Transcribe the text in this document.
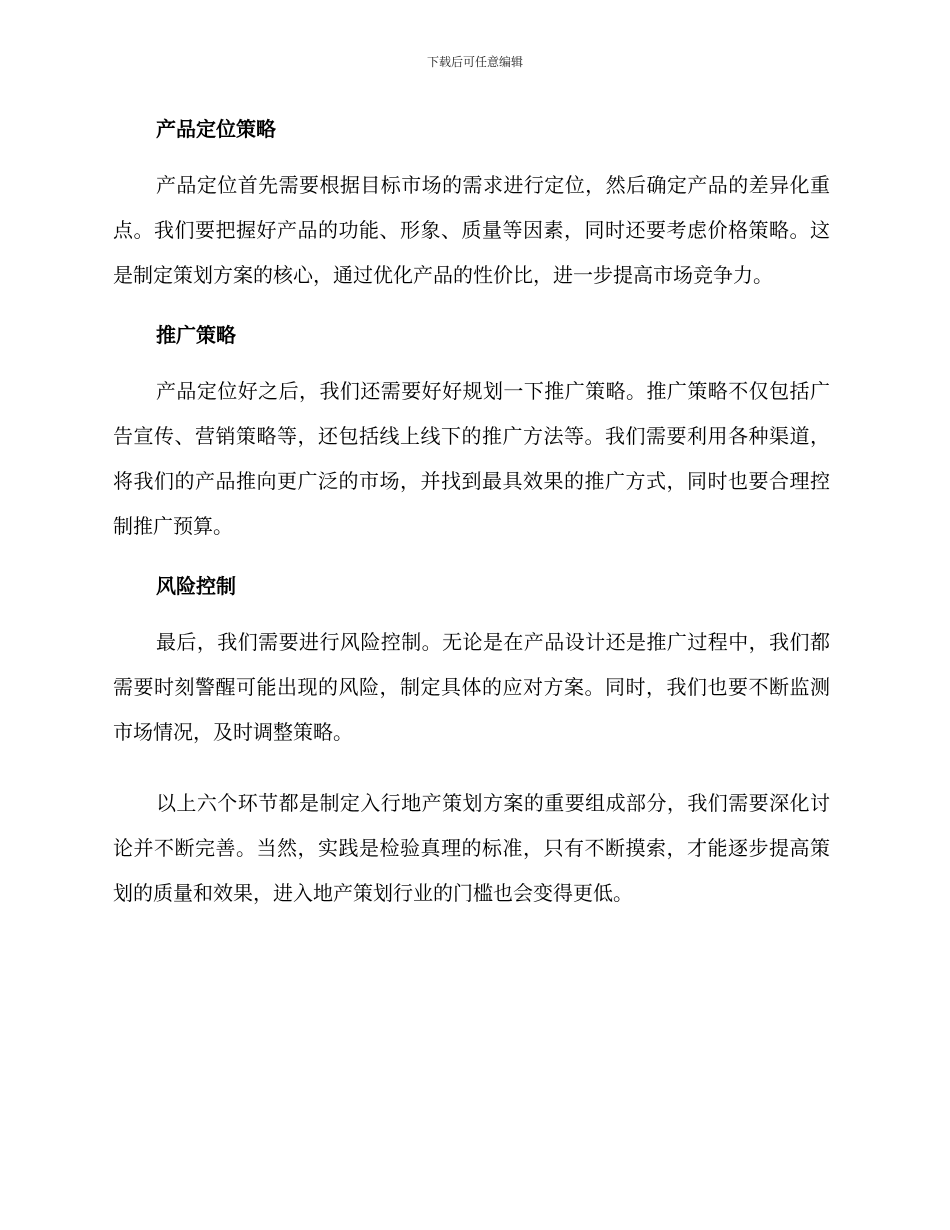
下载后可任意编辑
产品定位策略

产品定位首先需要根据目标市场的需求进行定位，然后确定产品的差异化重点。我们要把握好产品的功能、形象、质量等因素，同时还要考虑价格策略。这是制定策划方案的核心，通过优化产品的性价比，进一步提高市场竞争力。

推广策略

产品定位好之后，我们还需要好好规划一下推广策略。推广策略不仅包括广告宣传、营销策略等，还包括线上线下的推广方法等。我们需要利用各种渠道，将我们的产品推向更广泛的市场，并找到最具效果的推广方式，同时也要合理控制推广预算。

风险控制

最后，我们需要进行风险控制。无论是在产品设计还是推广过程中，我们都需要时刻警醒可能出现的风险，制定具体的应对方案。同时，我们也要不断监测市场情况，及时调整策略。

以上六个环节都是制定入行地产策划方案的重要组成部分，我们需要深化讨论并不断完善。当然，实践是检验真理的标准，只有不断摸索，才能逐步提高策划的质量和效果，进入地产策划行业的门槛也会变得更低。
